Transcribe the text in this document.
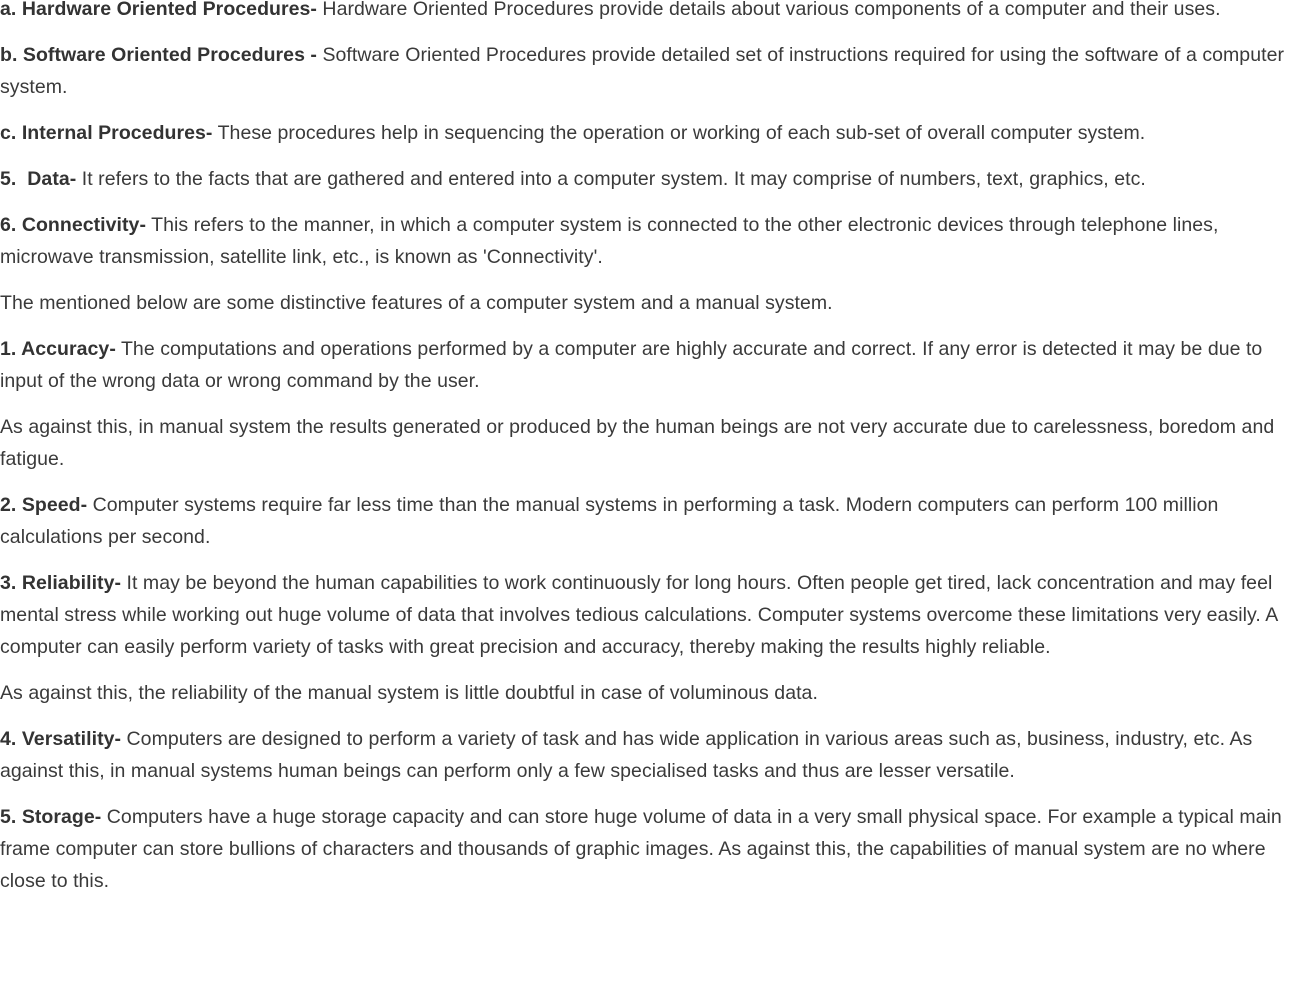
a. Hardware Oriented Procedures- Hardware Oriented Procedures provide details about various components of a computer and their uses.

b. Software Oriented Procedures - Software Oriented Procedures provide detailed set of instructions required for using the software of a computer system.

c. Internal Procedures- These procedures help in sequencing the operation or working of each sub-set of overall computer system.

5.  Data- It refers to the facts that are gathered and entered into a computer system. It may comprise of numbers, text, graphics, etc.

6. Connectivity- This refers to the manner, in which a computer system is connected to the other electronic devices through telephone lines, microwave transmission, satellite link, etc., is known as 'Connectivity'.

The mentioned below are some distinctive features of a computer system and a manual system.

1. Accuracy- The computations and operations performed by a computer are highly accurate and correct. If any error is detected it may be due to input of the wrong data or wrong command by the user.

As against this, in manual system the results generated or produced by the human beings are not very accurate due to carelessness, boredom and fatigue.

2. Speed- Computer systems require far less time than the manual systems in performing a task. Modern computers can perform 100 million calculations per second.

3. Reliability- It may be beyond the human capabilities to work continuously for long hours. Often people get tired, lack concentration and may feel mental stress while working out huge volume of data that involves tedious calculations. Computer systems overcome these limitations very easily. A computer can easily perform variety of tasks with great precision and accuracy, thereby making the results highly reliable.

As against this, the reliability of the manual system is little doubtful in case of voluminous data.

4. Versatility- Computers are designed to perform a variety of task and has wide application in various areas such as, business, industry, etc. As against this, in manual systems human beings can perform only a few specialised tasks and thus are lesser versatile.

5. Storage- Computers have a huge storage capacity and can store huge volume of data in a very small physical space. For example a typical main frame computer can store bullions of characters and thousands of graphic images. As against this, the capabilities of manual system are no where close to this.
